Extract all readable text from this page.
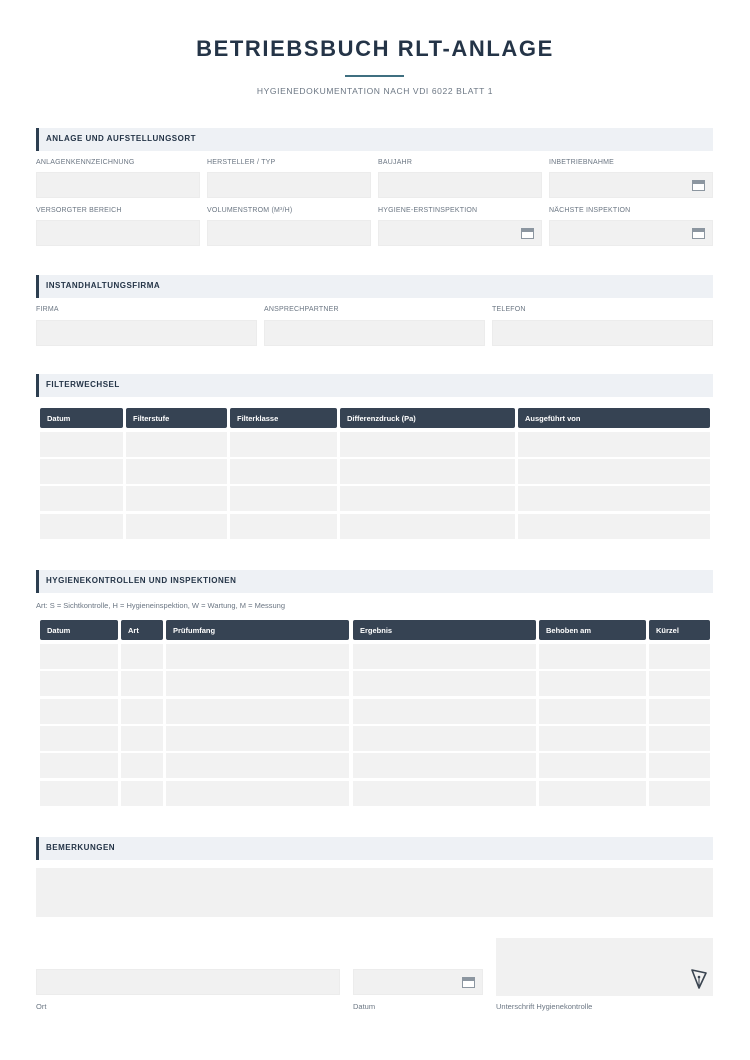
BETRIEBSBUCH RLT-ANLAGE
HYGIENEDOKUMENTATION NACH VDI 6022 BLATT 1
ANLAGE UND AUFSTELLUNGSORT
ANLAGENKENNZEICHNUNG	HERSTELLER / TYP	BAUJAHR	INBETRIEBNAHME
VERSORGTER BEREICH	VOLUMENSTROM (M³/H)	HYGIENE-ERSTINSPEKTION	NÄCHSTE INSPEKTION
INSTANDHALTUNGSFIRMA
FIRMA	ANSPRECHPARTNER	TELEFON
FILTERWECHSEL
Datum	Filterstufe	Filterklasse	Differenzdruck (Pa)	Ausgeführt von
HYGIENEKONTROLLEN UND INSPEKTIONEN
Art: S = Sichtkontrolle, H = Hygieneinspektion, W = Wartung, M = Messung
Datum	Art	Prüfumfang	Ergebnis	Behoben am	Kürzel
BEMERKUNGEN
Ort	Datum	Unterschrift Hygienekontrolle
